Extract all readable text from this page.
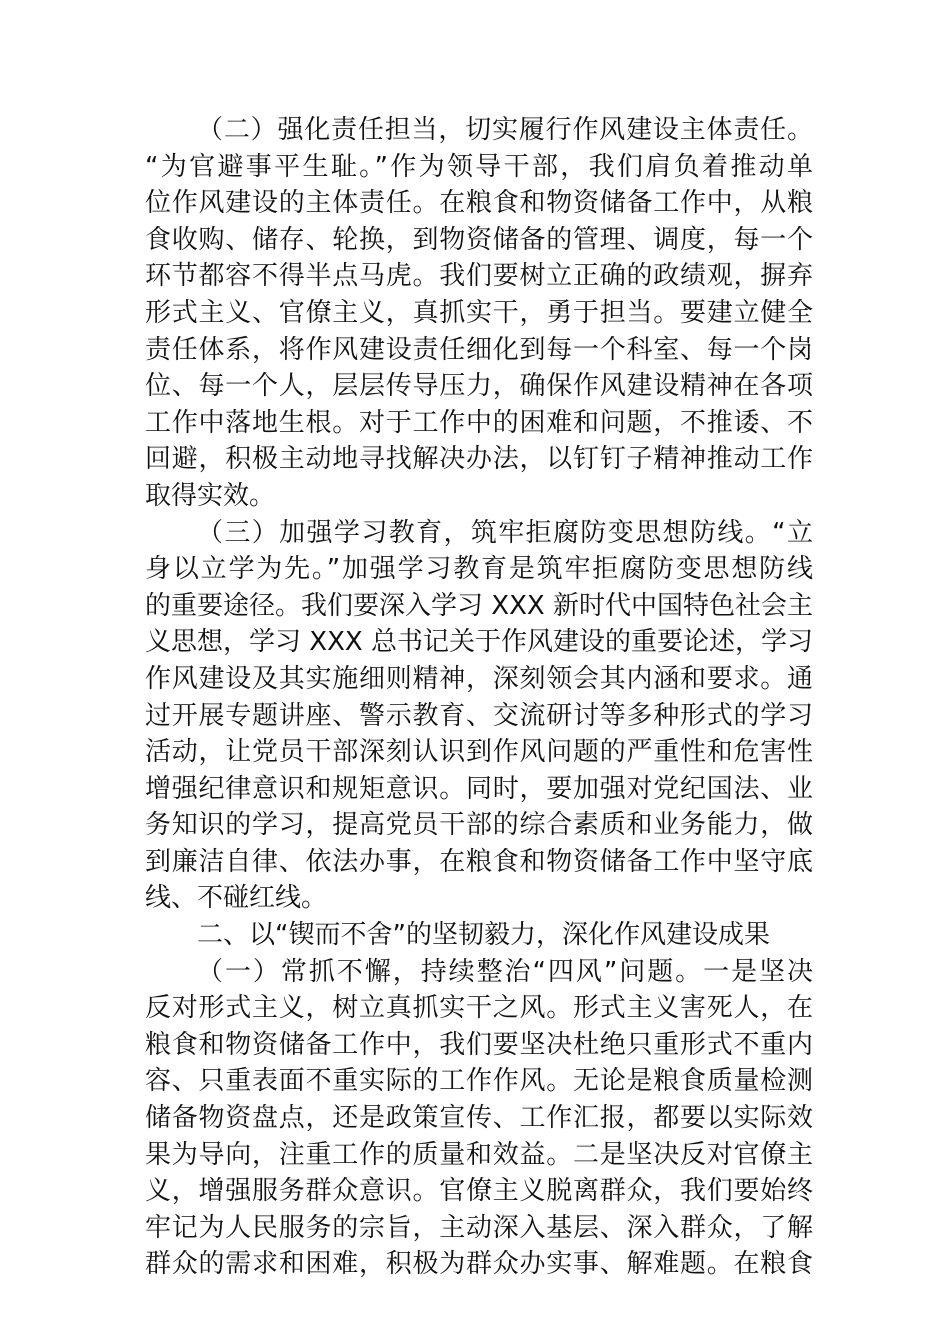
（二）强化责任担当，切实履行作风建设主体责任。
“为官避事平生耻。”作为领导干部，我们肩负着推动单
位作风建设的主体责任。在粮食和物资储备工作中，从粮
食收购、储存、轮换，到物资储备的管理、调度，每一个
环节都容不得半点马虎。我们要树立正确的政绩观，摒弃
形式主义、官僚主义，真抓实干，勇于担当。要建立健全
责任体系，将作风建设责任细化到每一个科室、每一个岗
位、每一个人，层层传导压力，确保作风建设精神在各项
工作中落地生根。对于工作中的困难和问题，不推诿、不
回避，积极主动地寻找解决办法，以钉钉子精神推动工作
取得实效。
（三）加强学习教育，筑牢拒腐防变思想防线。“立
身以立学为先。”加强学习教育是筑牢拒腐防变思想防线
的重要途径。我们要深入学习 XXX 新时代中国特色社会主
义思想，学习 XXX 总书记关于作风建设的重要论述，学习
作风建设及其实施细则精神，深刻领会其内涵和要求。通
过开展专题讲座、警示教育、交流研讨等多种形式的学习
活动，让党员干部深刻认识到作风问题的严重性和危害性
增强纪律意识和规矩意识。同时，要加强对党纪国法、业
务知识的学习，提高党员干部的综合素质和业务能力，做
到廉洁自律、依法办事，在粮食和物资储备工作中坚守底
线、不碰红线。
二、以“锲而不舍”的坚韧毅力，深化作风建设成果
（一）常抓不懈，持续整治“四风”问题。一是坚决
反对形式主义，树立真抓实干之风。形式主义害死人，在
粮食和物资储备工作中，我们要坚决杜绝只重形式不重内
容、只重表面不重实际的工作作风。无论是粮食质量检测
储备物资盘点，还是政策宣传、工作汇报，都要以实际效
果为导向，注重工作的质量和效益。二是坚决反对官僚主
义，增强服务群众意识。官僚主义脱离群众，我们要始终
牢记为人民服务的宗旨，主动深入基层、深入群众，了解
群众的需求和困难，积极为群众办实事、解难题。在粮食
